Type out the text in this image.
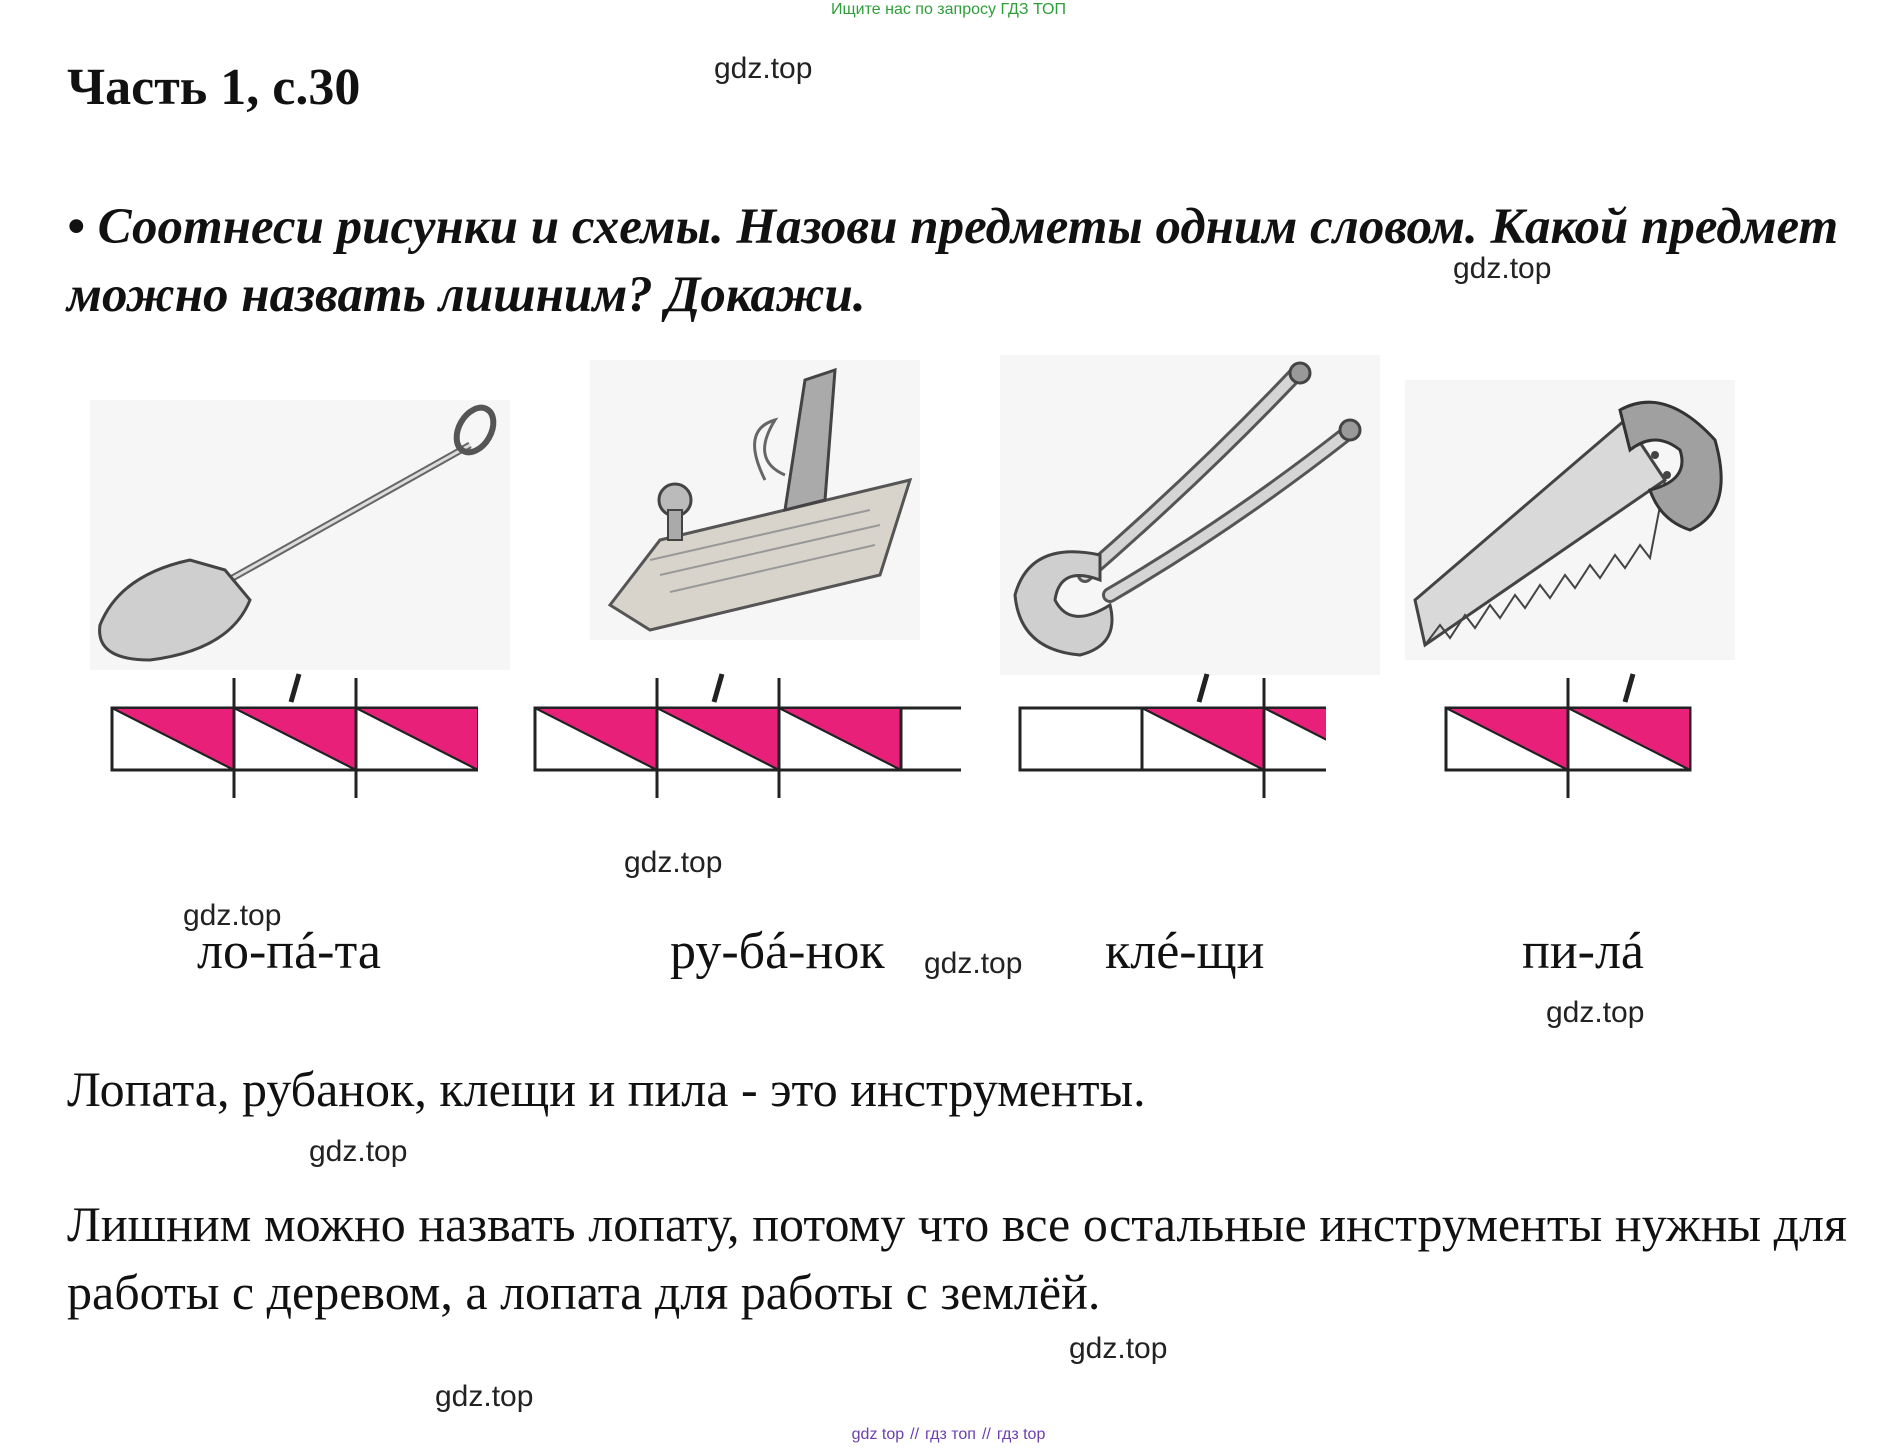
Ищите нас по запросу ГДЗ ТОП
Часть 1, с.30
• Соотнеси рисунки и схемы. Назови предметы одним словом. Какой предмет можно назвать лишним? Докажи.
gdz.top
gdz.top
gdz.top
gdz.top
gdz.top
gdz.top
gdz.top
gdz.top
gdz.top
ло-пá-та	ру-бá-нок	клé-щи	пи-лá
Лопата, рубанок, клещи и пила - это инструменты.
Лишним можно назвать лопату, потому что все остальные инструменты нужны для работы с деревом, а лопата для работы с землёй.
gdz top // гдз топ // гдз top
